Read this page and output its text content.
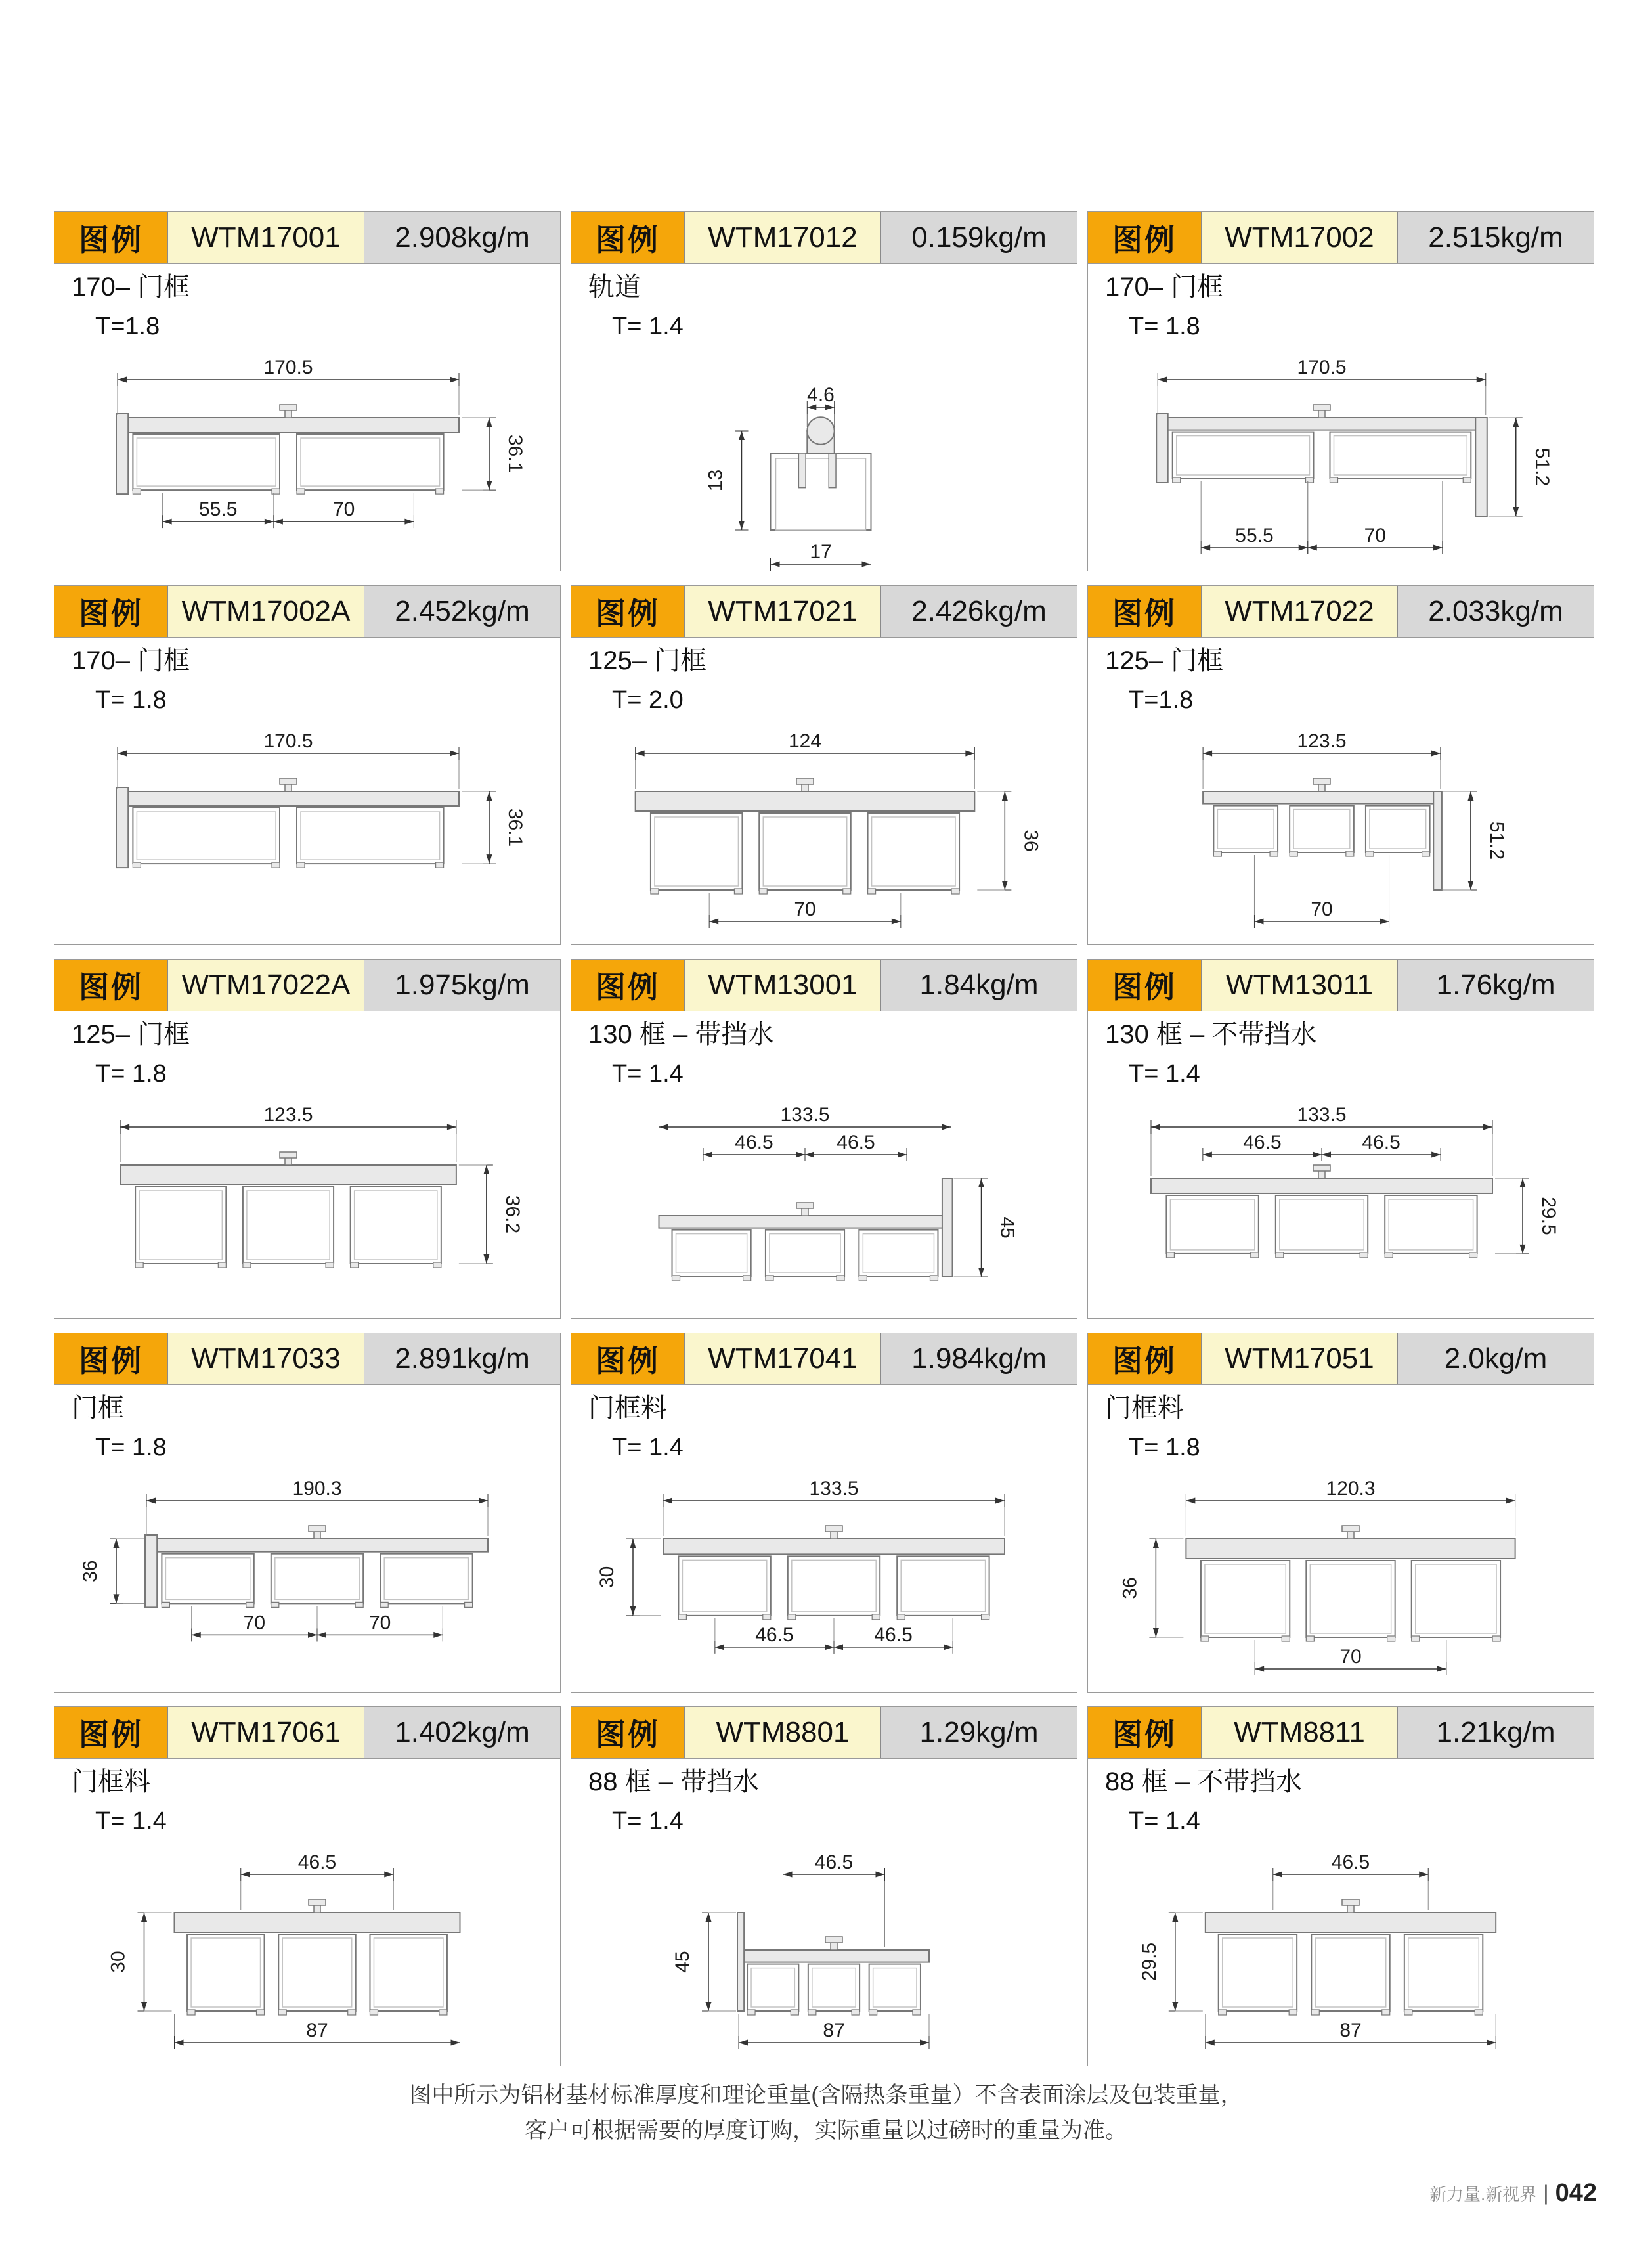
图例	WTM17001	2.908kg/m
170– 门框
T=1.8
170.5
36.1
55.5	70
图例	WTM17012	0.159kg/m
轨道
T= 1.4
4.6
13
17
图例	WTM17002	2.515kg/m
170– 门框
T= 1.8
170.5
51.2
55.5	70
图例	WTM17002A	2.452kg/m
170– 门框
T= 1.8
170.5
36.1
图例	WTM17021	2.426kg/m
125– 门框
T= 2.0
124
36
70
图例	WTM17022	2.033kg/m
125– 门框
T=1.8
123.5
51.2
70
图例	WTM17022A	1.975kg/m
125– 门框
T= 1.8
123.5
36.2
图例	WTM13001	1.84kg/m
130 框 – 带挡水
T= 1.4
133.5
46.5	46.5
45
图例	WTM13011	1.76kg/m
130 框 – 不带挡水
T= 1.4
133.5
46.5	46.5
29.5
图例	WTM17033	2.891kg/m
门框
T= 1.8
190.3
36
70	70
图例	WTM17041	1.984kg/m
门框料
T= 1.4
133.5
30
46.5	46.5
图例	WTM17051	2.0kg/m
门框料
T= 1.8
120.3
36
70
图例	WTM17061	1.402kg/m
门框料
T= 1.4
46.5
30
87
图例	WTM8801	1.29kg/m
88 框 – 带挡水
T= 1.4
46.5
45
87
图例	WTM8811	1.21kg/m
88 框 – 不带挡水
T= 1.4
46.5
29.5
87
图中所示为铝材基材标准厚度和理论重量(含隔热条重量）不含表面涂层及包装重量，
客户可根据需要的厚度订购，实际重量以过磅时的重量为准。
新力量.新视界 | 042
